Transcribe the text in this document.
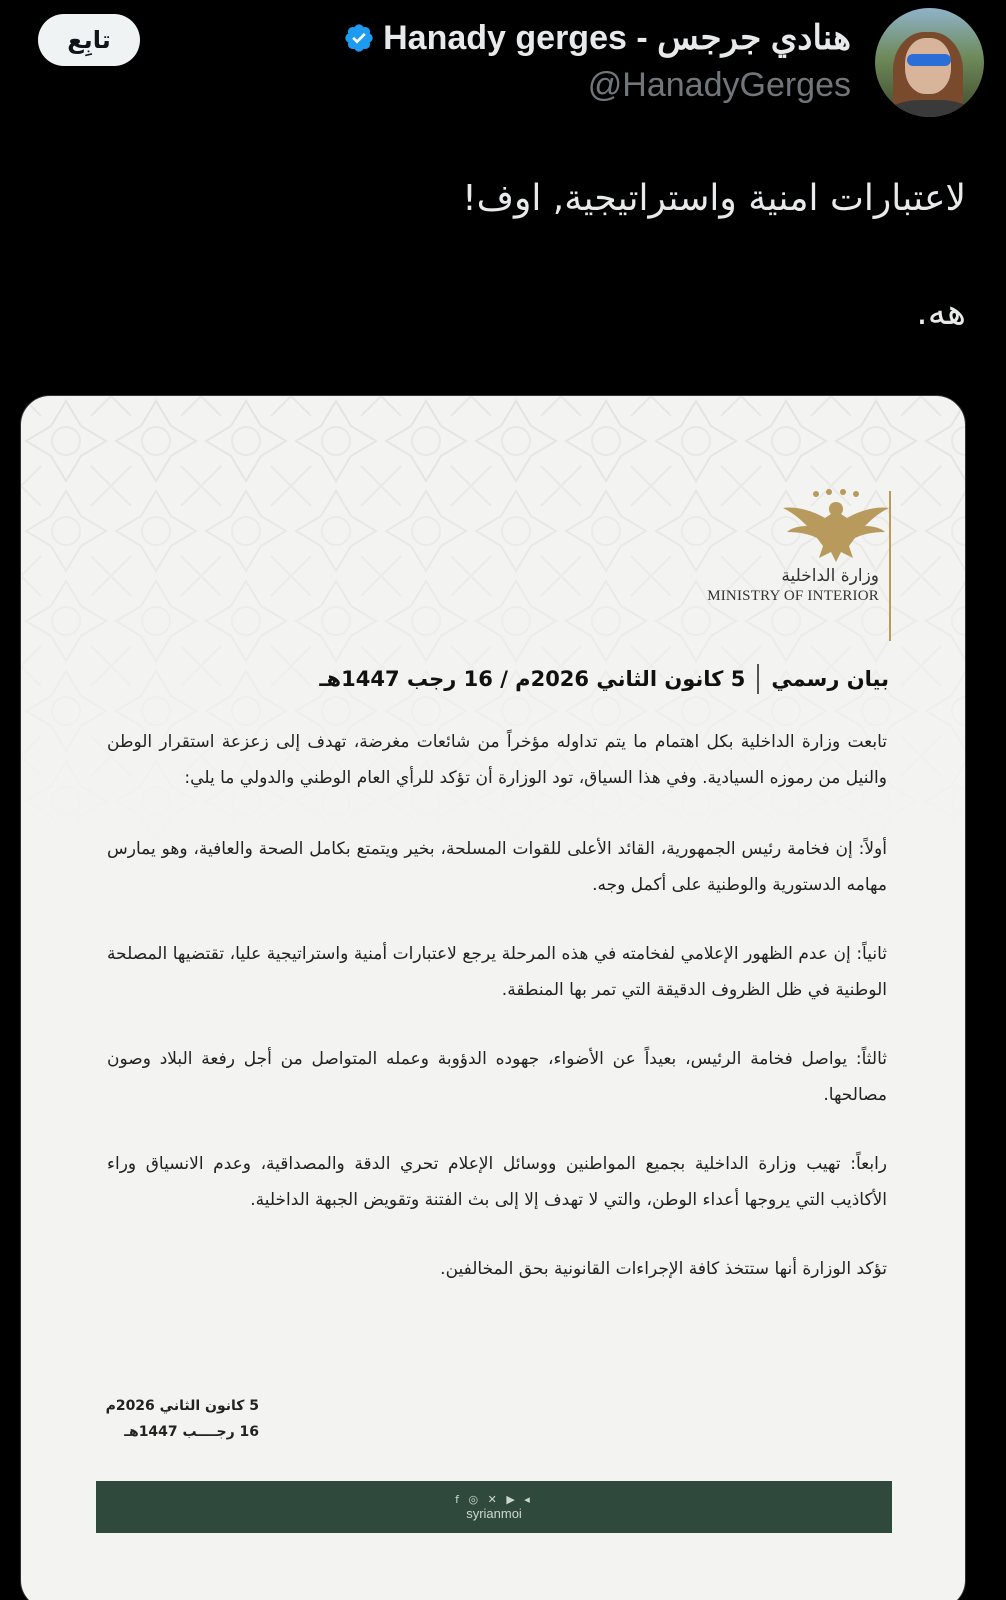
Hanady gerges - هنادي جرجس
@HanadyGerges
تابِع
لاعتبارات امنية واستراتيجية, اوف!
هه.
وزارة الداخلية
MINISTRY OF INTERIOR
بيان رسمي
5 كانون الثاني 2026م / 16 رجب 1447هـ

تابعت وزارة الداخلية بكل اهتمام ما يتم تداوله مؤخراً من شائعات مغرضة، تهدف إلى زعزعة استقرار الوطن والنيل من رموزه السيادية. وفي هذا السياق، تود الوزارة أن تؤكد للرأي العام الوطني والدولي ما يلي:

أولاً: إن فخامة رئيس الجمهورية، القائد الأعلى للقوات المسلحة، بخير ويتمتع بكامل الصحة والعافية، وهو يمارس مهامه الدستورية والوطنية على أكمل وجه.

ثانياً: إن عدم الظهور الإعلامي لفخامته في هذه المرحلة يرجع لاعتبارات أمنية واستراتيجية عليا، تقتضيها المصلحة الوطنية في ظل الظروف الدقيقة التي تمر بها المنطقة.

ثالثاً: يواصل فخامة الرئيس، بعيداً عن الأضواء، جهوده الدؤوبة وعمله المتواصل من أجل رفعة البلاد وصون مصالحها.

رابعاً: تهيب وزارة الداخلية بجميع المواطنين ووسائل الإعلام تحري الدقة والمصداقية، وعدم الانسياق وراء الأكاذيب التي يروجها أعداء الوطن، والتي لا تهدف إلا إلى بث الفتنة وتقويض الجبهة الداخلية.

تؤكد الوزارة أنها ستتخذ كافة الإجراءات القانونية بحق المخالفين.

5 كانون الثاني 2026م
16 رجــــب 1447هـ
f ◎ ✕ ▶ ◂
syrianmoi
